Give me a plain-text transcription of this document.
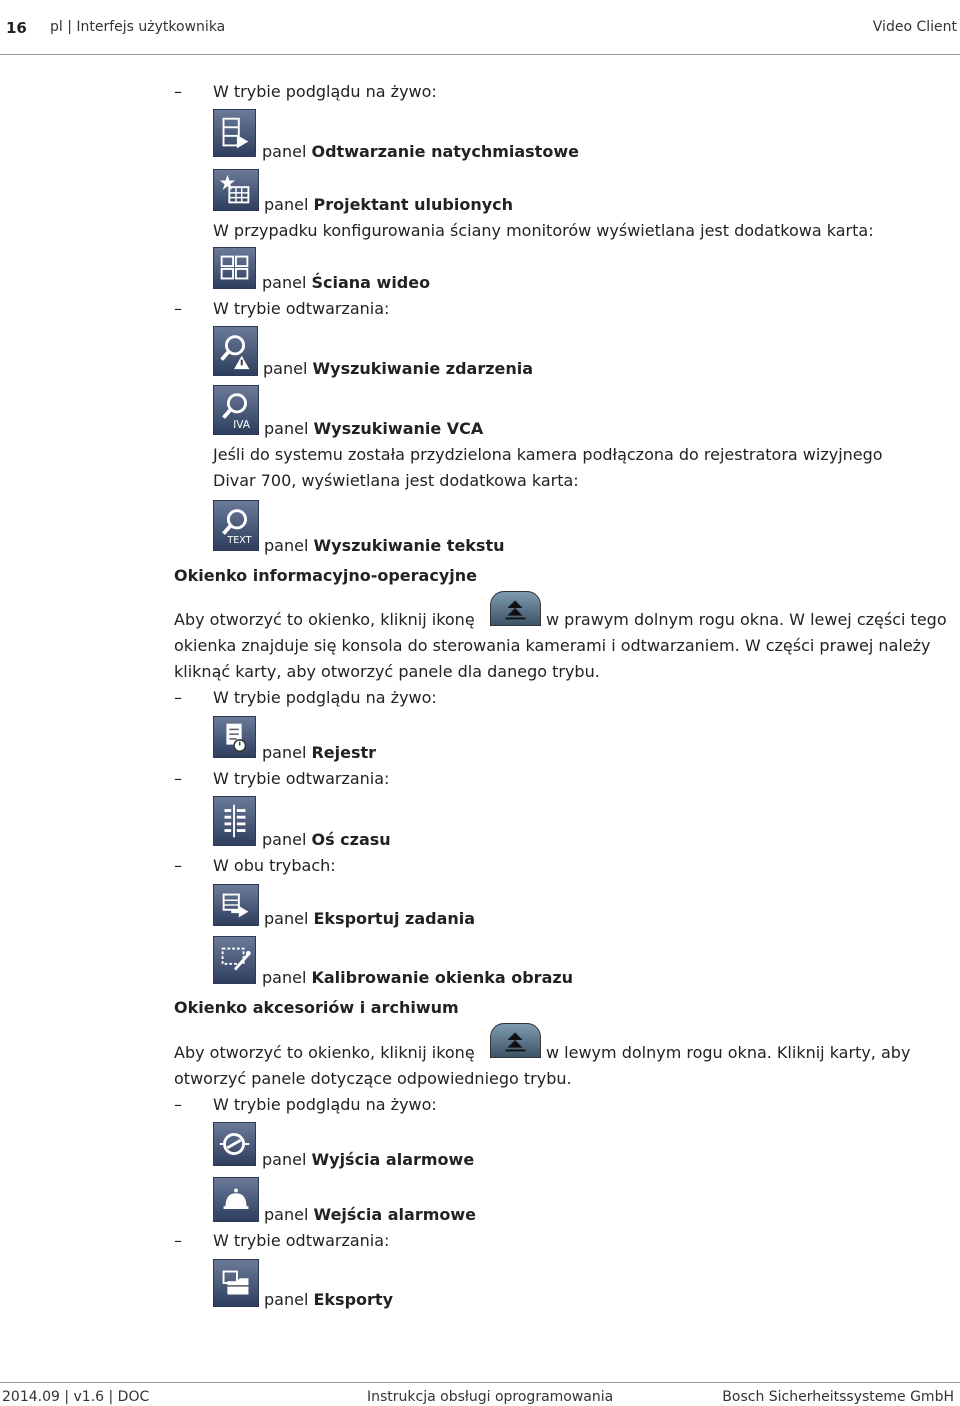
16 pl | Interfejs użytkownika	Video Client
– W trybie podglądu na żywo:
panel Odtwarzanie natychmiastowe
panel Projektant ulubionych
W przypadku konfigurowania ściany monitorów wyświetlana jest dodatkowa karta:
panel Ściana wideo
– W trybie odtwarzania:
panel Wyszukiwanie zdarzenia
IVA panel Wyszukiwanie VCA
Jeśli do systemu została przydzielona kamera podłączona do rejestratora wizyjnego
Divar 700, wyświetlana jest dodatkowa karta:
TEXT panel Wyszukiwanie tekstu
Okienko informacyjno-operacyjne
Aby otworzyć to okienko, kliknij ikonę	w prawym dolnym rogu okna. W lewej części tego
okienka znajduje się konsola do sterowania kamerami i odtwarzaniem. W części prawej należy
kliknąć karty, aby otworzyć panele dla danego trybu.
– W trybie podglądu na żywo:
panel Rejestr
– W trybie odtwarzania:
panel Oś czasu
– W obu trybach:
panel Eksportuj zadania
panel Kalibrowanie okienka obrazu
Okienko akcesoriów i archiwum
Aby otworzyć to okienko, kliknij ikonę	w lewym dolnym rogu okna. Kliknij karty, aby
otworzyć panele dotyczące odpowiedniego trybu.
– W trybie podglądu na żywo:
panel Wyjścia alarmowe
panel Wejścia alarmowe
– W trybie odtwarzania:
panel Eksporty
2014.09 | v1.6 | DOC	Instrukcja obsługi oprogramowania	Bosch Sicherheitssysteme GmbH
